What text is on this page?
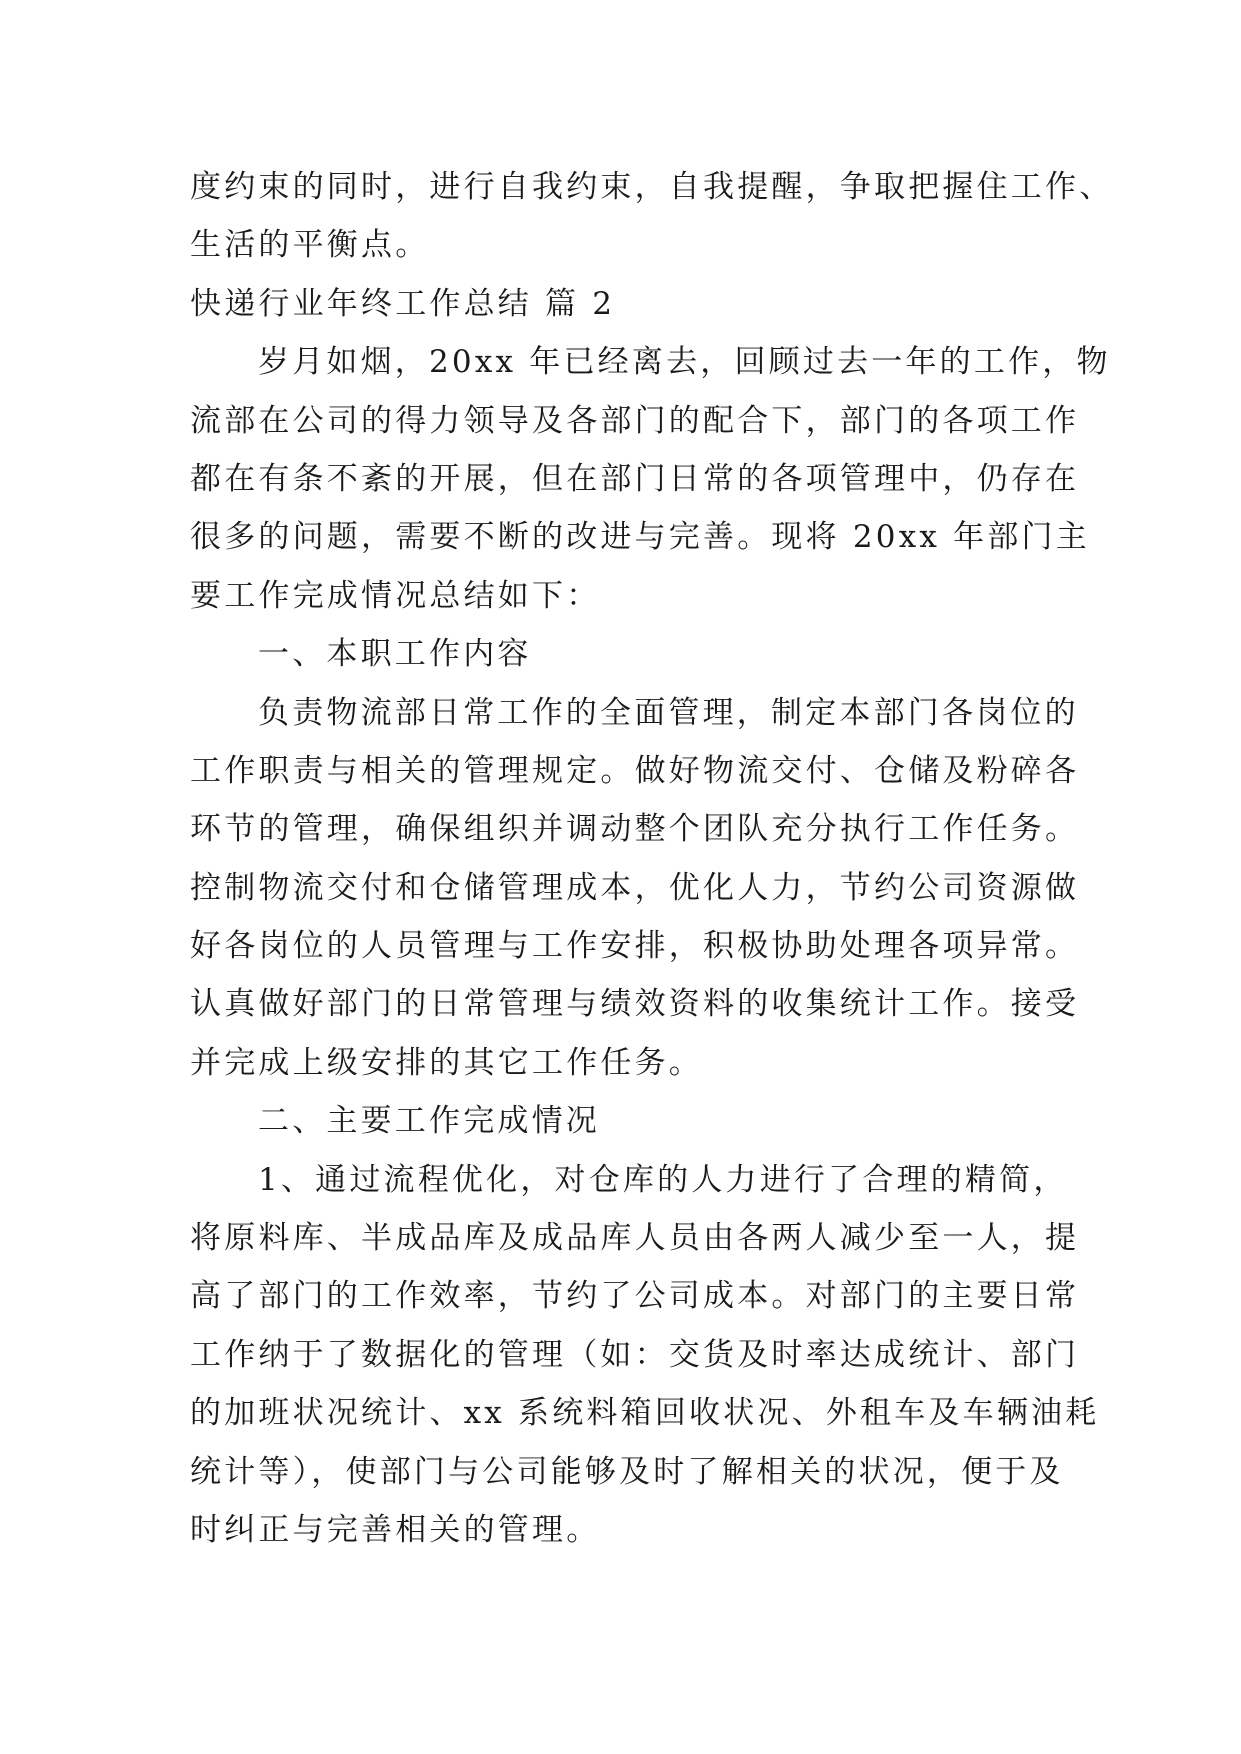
度约束的同时，进行自我约束，自我提醒，争取把握住工作、
生活的平衡点。
快递行业年终工作总结 篇 2
岁月如烟，20xx 年已经离去，回顾过去一年的工作，物
流部在公司的得力领导及各部门的配合下，部门的各项工作
都在有条不紊的开展，但在部门日常的各项管理中，仍存在
很多的问题，需要不断的改进与完善。现将 20xx 年部门主
要工作完成情况总结如下：
一、本职工作内容
负责物流部日常工作的全面管理，制定本部门各岗位的
工作职责与相关的管理规定。做好物流交付、仓储及粉碎各
环节的管理，确保组织并调动整个团队充分执行工作任务。
控制物流交付和仓储管理成本，优化人力，节约公司资源做
好各岗位的人员管理与工作安排，积极协助处理各项异常。
认真做好部门的日常管理与绩效资料的收集统计工作。接受
并完成上级安排的其它工作任务。
二、主要工作完成情况
1、通过流程优化，对仓库的人力进行了合理的精简，
将原料库、半成品库及成品库人员由各两人减少至一人，提
高了部门的工作效率，节约了公司成本。对部门的主要日常
工作纳于了数据化的管理（如：交货及时率达成统计、部门
的加班状况统计、xx 系统料箱回收状况、外租车及车辆油耗
统计等），使部门与公司能够及时了解相关的状况，便于及
时纠正与完善相关的管理。
